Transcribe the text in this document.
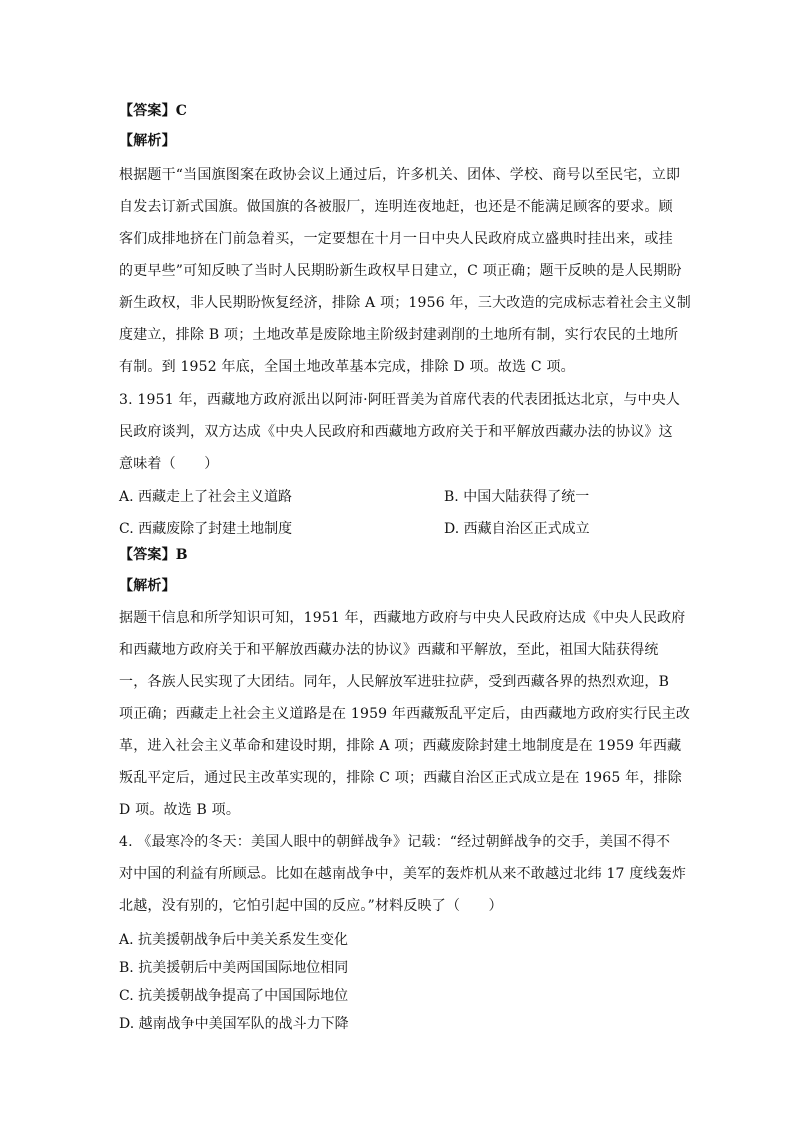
【答案】C
【解析】
根据题干“当国旗图案在政协会议上通过后，许多机关、团体、学校、商号以至民宅，立即
自发去订新式国旗。做国旗的各被服厂，连明连夜地赶，也还是不能满足顾客的要求。顾
客们成排地挤在门前急着买，一定要想在十月一日中央人民政府成立盛典时挂出来，或挂
的更早些”可知反映了当时人民期盼新生政权早日建立，C 项正确；题干反映的是人民期盼
新生政权，非人民期盼恢复经济，排除 A 项；1956 年，三大改造的完成标志着社会主义制
度建立，排除 B 项；土地改革是废除地主阶级封建剥削的土地所有制，实行农民的土地所
有制。到 1952 年底，全国土地改革基本完成，排除 D 项。故选 C 项。
3. 1951 年，西藏地方政府派出以阿沛·阿旺晋美为首席代表的代表团抵达北京，与中央人
民政府谈判，双方达成《中央人民政府和西藏地方政府关于和平解放西藏办法的协议》这
意味着（　　）
A. 西藏走上了社会主义道路	B. 中国大陆获得了统一
C. 西藏废除了封建土地制度	D. 西藏自治区正式成立
【答案】B
【解析】
据题干信息和所学知识可知，1951 年，西藏地方政府与中央人民政府达成《中央人民政府
和西藏地方政府关于和平解放西藏办法的协议》西藏和平解放，至此，祖国大陆获得统
一，各族人民实现了大团结。同年，人民解放军进驻拉萨，受到西藏各界的热烈欢迎，B
项正确；西藏走上社会主义道路是在 1959 年西藏叛乱平定后，由西藏地方政府实行民主改
革，进入社会主义革命和建设时期，排除 A 项；西藏废除封建土地制度是在 1959 年西藏
叛乱平定后，通过民主改革实现的，排除 C 项；西藏自治区正式成立是在 1965 年，排除
D 项。故选 B 项。
4. 《最寒冷的冬天：美国人眼中的朝鲜战争》记载：“经过朝鲜战争的交手，美国不得不
对中国的利益有所顾忌。比如在越南战争中，美军的轰炸机从来不敢越过北纬 17 度线轰炸
北越，没有别的，它怕引起中国的反应。”材料反映了（　　）
A. 抗美援朝战争后中美关系发生变化
B. 抗美援朝后中美两国国际地位相同
C. 抗美援朝战争提高了中国国际地位
D. 越南战争中美国军队的战斗力下降
